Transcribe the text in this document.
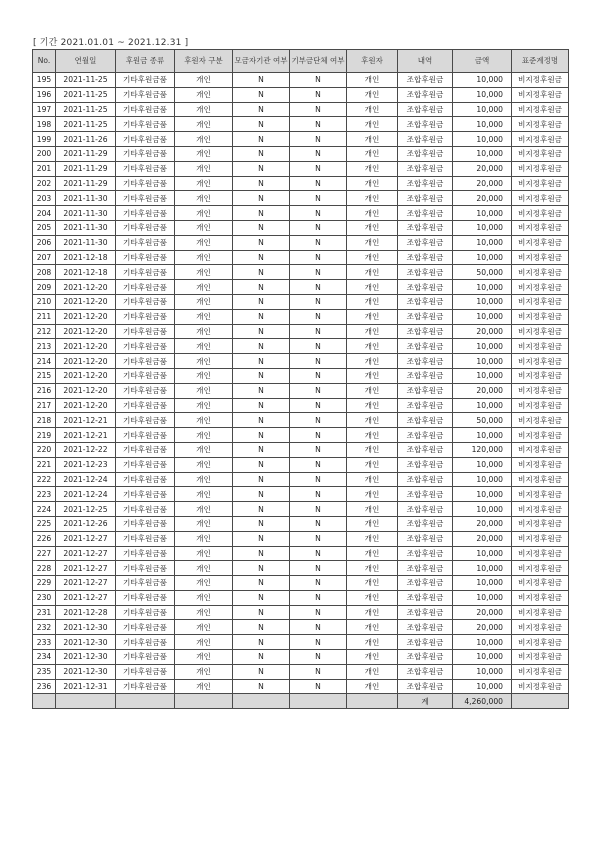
[ 기간 2021.01.01 ~ 2021.12.31 ]
No.	연월일	후원금 종류	후원자 구분	모금자기관 여부	기부금단체 여부	후원자	내역	금액	표준계정명
195	2021-11-25	기타후원금품	개인	N	N	개인	조합후원금	10,000	비지정후원금
196	2021-11-25	기타후원금품	개인	N	N	개인	조합후원금	10,000	비지정후원금
197	2021-11-25	기타후원금품	개인	N	N	개인	조합후원금	10,000	비지정후원금
198	2021-11-25	기타후원금품	개인	N	N	개인	조합후원금	10,000	비지정후원금
199	2021-11-26	기타후원금품	개인	N	N	개인	조합후원금	10,000	비지정후원금
200	2021-11-29	기타후원금품	개인	N	N	개인	조합후원금	10,000	비지정후원금
201	2021-11-29	기타후원금품	개인	N	N	개인	조합후원금	20,000	비지정후원금
202	2021-11-29	기타후원금품	개인	N	N	개인	조합후원금	20,000	비지정후원금
203	2021-11-30	기타후원금품	개인	N	N	개인	조합후원금	20,000	비지정후원금
204	2021-11-30	기타후원금품	개인	N	N	개인	조합후원금	10,000	비지정후원금
205	2021-11-30	기타후원금품	개인	N	N	개인	조합후원금	10,000	비지정후원금
206	2021-11-30	기타후원금품	개인	N	N	개인	조합후원금	10,000	비지정후원금
207	2021-12-18	기타후원금품	개인	N	N	개인	조합후원금	10,000	비지정후원금
208	2021-12-18	기타후원금품	개인	N	N	개인	조합후원금	50,000	비지정후원금
209	2021-12-20	기타후원금품	개인	N	N	개인	조합후원금	10,000	비지정후원금
210	2021-12-20	기타후원금품	개인	N	N	개인	조합후원금	10,000	비지정후원금
211	2021-12-20	기타후원금품	개인	N	N	개인	조합후원금	10,000	비지정후원금
212	2021-12-20	기타후원금품	개인	N	N	개인	조합후원금	20,000	비지정후원금
213	2021-12-20	기타후원금품	개인	N	N	개인	조합후원금	10,000	비지정후원금
214	2021-12-20	기타후원금품	개인	N	N	개인	조합후원금	10,000	비지정후원금
215	2021-12-20	기타후원금품	개인	N	N	개인	조합후원금	10,000	비지정후원금
216	2021-12-20	기타후원금품	개인	N	N	개인	조합후원금	20,000	비지정후원금
217	2021-12-20	기타후원금품	개인	N	N	개인	조합후원금	10,000	비지정후원금
218	2021-12-21	기타후원금품	개인	N	N	개인	조합후원금	50,000	비지정후원금
219	2021-12-21	기타후원금품	개인	N	N	개인	조합후원금	10,000	비지정후원금
220	2021-12-22	기타후원금품	개인	N	N	개인	조합후원금	120,000	비지정후원금
221	2021-12-23	기타후원금품	개인	N	N	개인	조합후원금	10,000	비지정후원금
222	2021-12-24	기타후원금품	개인	N	N	개인	조합후원금	10,000	비지정후원금
223	2021-12-24	기타후원금품	개인	N	N	개인	조합후원금	10,000	비지정후원금
224	2021-12-25	기타후원금품	개인	N	N	개인	조합후원금	10,000	비지정후원금
225	2021-12-26	기타후원금품	개인	N	N	개인	조합후원금	20,000	비지정후원금
226	2021-12-27	기타후원금품	개인	N	N	개인	조합후원금	20,000	비지정후원금
227	2021-12-27	기타후원금품	개인	N	N	개인	조합후원금	10,000	비지정후원금
228	2021-12-27	기타후원금품	개인	N	N	개인	조합후원금	10,000	비지정후원금
229	2021-12-27	기타후원금품	개인	N	N	개인	조합후원금	10,000	비지정후원금
230	2021-12-27	기타후원금품	개인	N	N	개인	조합후원금	10,000	비지정후원금
231	2021-12-28	기타후원금품	개인	N	N	개인	조합후원금	20,000	비지정후원금
232	2021-12-30	기타후원금품	개인	N	N	개인	조합후원금	20,000	비지정후원금
233	2021-12-30	기타후원금품	개인	N	N	개인	조합후원금	10,000	비지정후원금
234	2021-12-30	기타후원금품	개인	N	N	개인	조합후원금	10,000	비지정후원금
235	2021-12-30	기타후원금품	개인	N	N	개인	조합후원금	10,000	비지정후원금
236	2021-12-31	기타후원금품	개인	N	N	개인	조합후원금	10,000	비지정후원금
							계	4,260,000	
